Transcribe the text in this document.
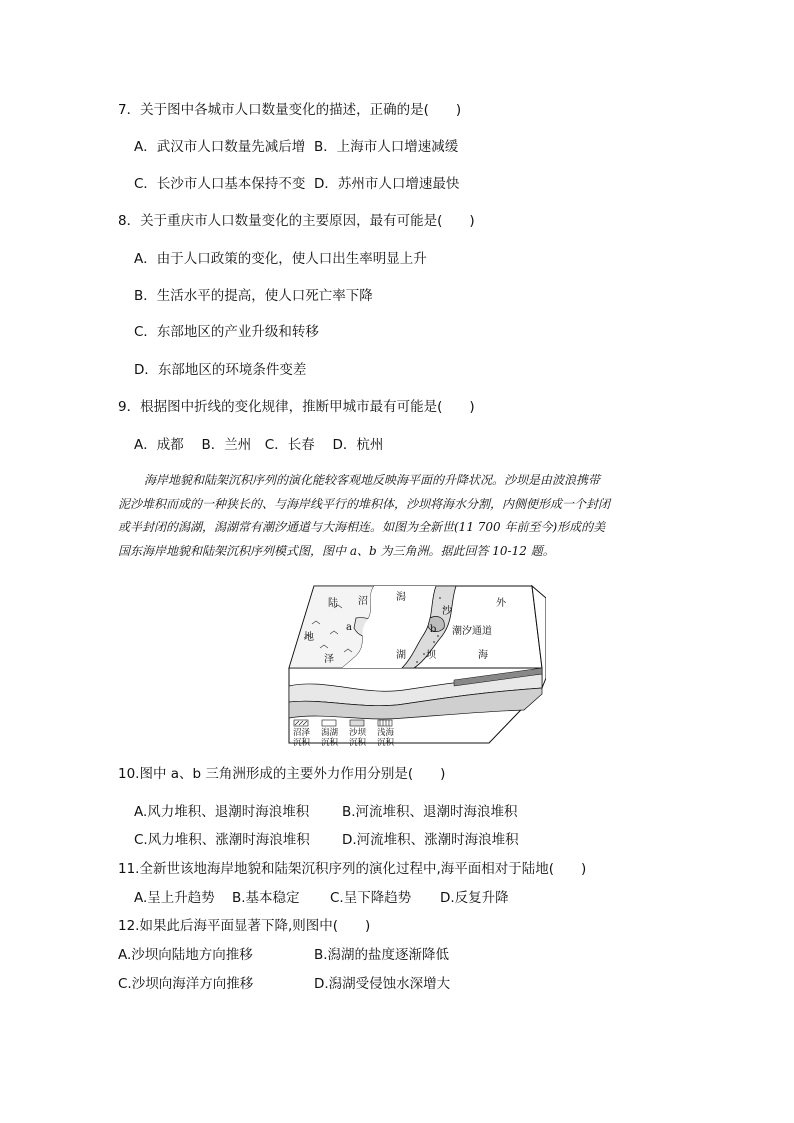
7．关于图中各城市人口数量变化的描述，正确的是(　　)
A．武汉市人口数量先减后增 B．上海市人口增速减缓
C．长沙市人口基本保持不变 D．苏州市人口增速最快
8．关于重庆市人口数量变化的主要原因，最有可能是(　　)
A．由于人口政策的变化，使人口出生率明显上升
B．生活水平的提高，使人口死亡率下降
C．东部地区的产业升级和转移
D．东部地区的环境条件变差
9．根据图中折线的变化规律，推断甲城市最有可能是(　　)
A．成都　 B．兰州　C．长春　 D．杭州
海岸地貌和陆架沉积序列的演化能较客观地反映海平面的升降状况。沙坝是由波浪携带
泥沙堆积而成的一种狭长的、与海岸线平行的堆积体，沙坝将海水分割，内侧便形成一个封闭
或半封闭的潟湖，潟湖常有潮汐通道与大海相连。如图为全新世(11 700 年前至今)形成的美
国东海岸地貌和陆架沉积序列模式图，图中 a、b 为三角洲。据此回答 10-12 题。
陆
地
泽
沼	潟
湖
沙
坝
外
海
潮汐通道
a	b
沼泽
沉积
潟湖
沉积
沙坝
沉积
浅海
沉积
10.图中 a、b 三角洲形成的主要外力作用分别是(　　)
A.风力堆积、退潮时海浪堆积 B.河流堆积、退潮时海浪堆积
C.风力堆积、涨潮时海浪堆积 D.河流堆积、涨潮时海浪堆积
11.全新世该地海岸地貌和陆架沉积序列的演化过程中,海平面相对于陆地(　　)
A.呈上升趋势 B.基本稳定 C.呈下降趋势 D.反复升降
12.如果此后海平面显著下降,则图中(　　)
A.沙坝向陆地方向推移	B.潟湖的盐度逐渐降低
C.沙坝向海洋方向推移	D.潟湖受侵蚀水深增大
